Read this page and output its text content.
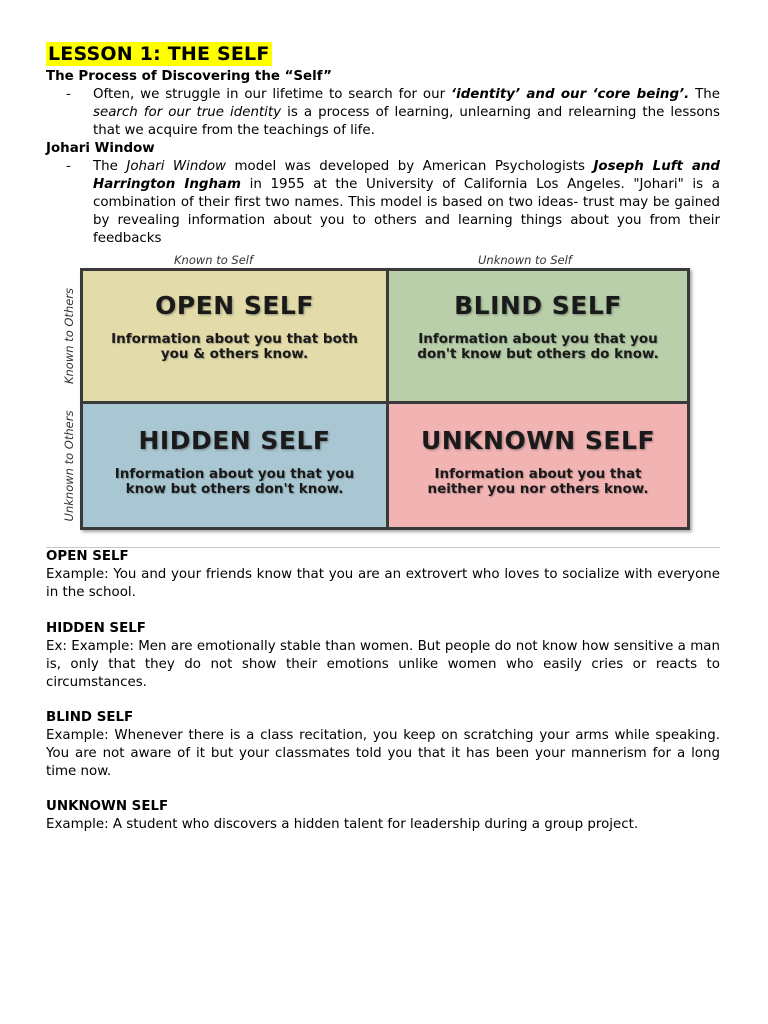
LESSON 1: THE SELF
The Process of Discovering the “Self”
- Often, we struggle in our lifetime to search for our ‘identity’ and our ‘core being’. The search for our true identity is a process of learning, unlearning and relearning the lessons that we acquire from the teachings of life.
Johari Window
- The Johari Window model was developed by American Psychologists Joseph Luft and Harrington Ingham in 1955 at the University of California Los Angeles. "Johari" is a combination of their first two names. This model is based on two ideas- trust may be gained by revealing information about you to others and learning things about you from their feedbacks
Known to Self	Unknown to Self
Known to Others
Unknown to Others
OPEN SELF
Information about you that both you & others know.
BLIND SELF
Information about you that you don't know but others do know.
HIDDEN SELF
Information about you that you know but others don't know.
UNKNOWN SELF
Information about you that neither you nor others know.
OPEN SELF
Example: You and your friends know that you are an extrovert who loves to socialize with everyone in the school.
HIDDEN SELF
Ex: Example: Men are emotionally stable than women. But people do not know how sensitive a man is, only that they do not show their emotions unlike women who easily cries or reacts to circumstances.
BLIND SELF
Example: Whenever there is a class recitation, you keep on scratching your arms while speaking. You are not aware of it but your classmates told you that it has been your mannerism for a long time now.
UNKNOWN SELF
Example: A student who discovers a hidden talent for leadership during a group project.
